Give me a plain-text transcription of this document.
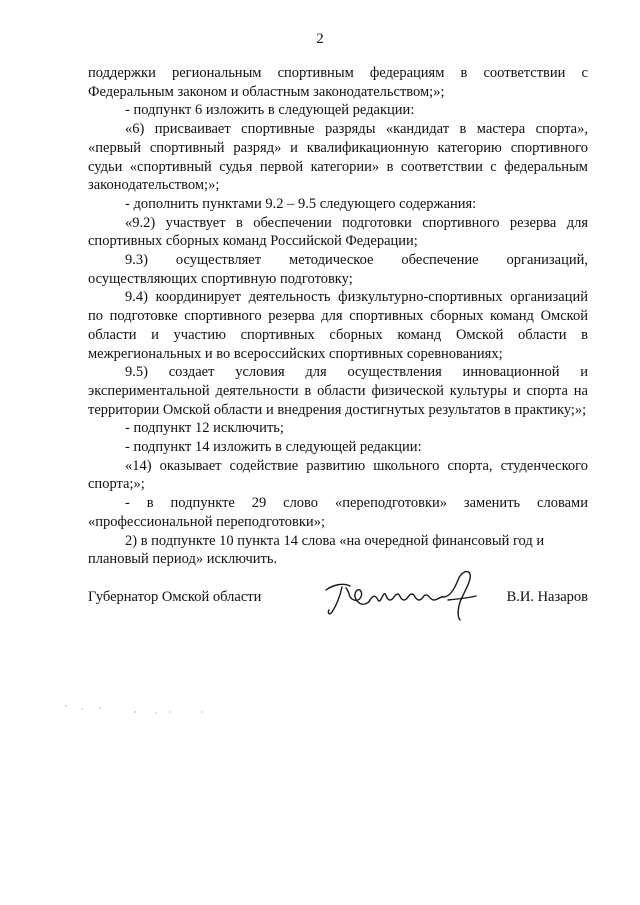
2

поддержки региональным спортивным федерациям в соответствии с Федеральным законом и областным законодательством;»;

- подпункт 6 изложить в следующей редакции:

«6) присваивает спортивные разряды «кандидат в мастера спорта», «первый спортивный разряд» и квалификационную категорию спортивного судьи «спортивный судья первой категории» в соответствии с федеральным законодательством;»;

- дополнить пунктами 9.2 – 9.5 следующего содержания:

«9.2) участвует в обеспечении подготовки спортивного резерва для спортивных сборных команд Российской Федерации;

9.3) осуществляет методическое обеспечение организаций, осуществляющих спортивную подготовку;

9.4) координирует деятельность физкультурно-спортивных организаций по подготовке спортивного резерва для спортивных сборных команд Омской области и участию спортивных сборных команд Омской области в межрегиональных и во всероссийских спортивных соревнованиях;

9.5) создает условия для осуществления инновационной и экспериментальной деятельности в области физической культуры и спорта на территории Омской области и внедрения достигнутых результатов в практику;»;

- подпункт 12 исключить;

- подпункт 14 изложить в следующей редакции:

«14) оказывает содействие развитию школьного спорта, студенческого спорта;»;

- в подпункте 29 слово «переподготовки» заменить словами «профессиональной переподготовки»;

2) в подпункте 10 пункта 14 слова «на очередной финансовый год и плановый период» исключить.

Губернатор Омской области	В.И. Назаров
